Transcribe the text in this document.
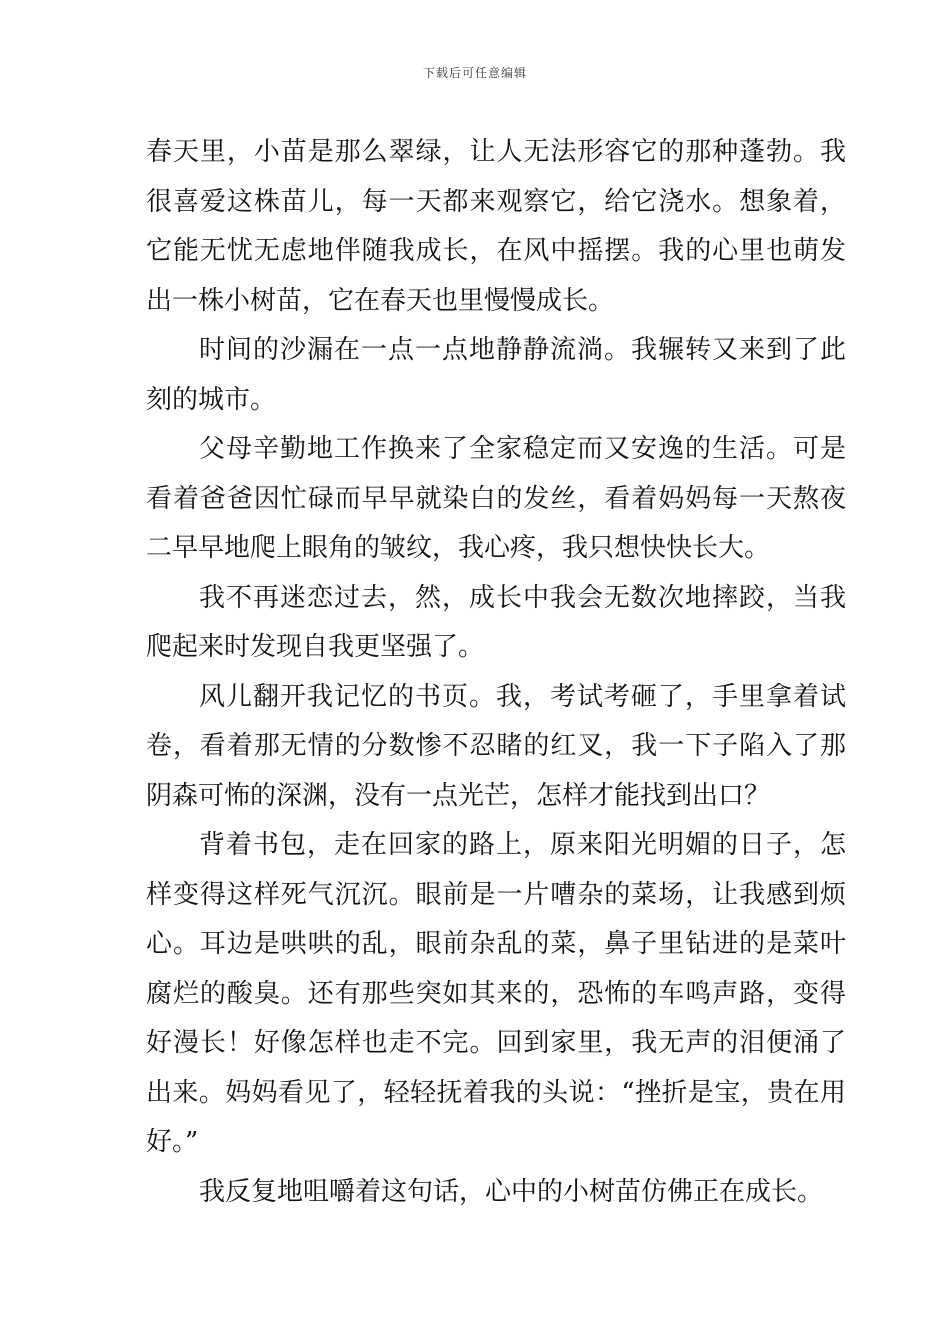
下载后可任意编辑

春天里，小苗是那么翠绿，让人无法形容它的那种蓬勃。我很喜爱这株苗儿，每一天都来观察它，给它浇水。想象着，它能无忧无虑地伴随我成长，在风中摇摆。我的心里也萌发出一株小树苗，它在春天也里慢慢成长。

时间的沙漏在一点一点地静静流淌。我辗转又来到了此刻的城市。

父母辛勤地工作换来了全家稳定而又安逸的生活。可是看着爸爸因忙碌而早早就染白的发丝，看着妈妈每一天熬夜二早早地爬上眼角的皱纹，我心疼，我只想快快长大。

我不再迷恋过去，然，成长中我会无数次地摔跤，当我爬起来时发现自我更坚强了。

风儿翻开我记忆的书页。我，考试考砸了，手里拿着试卷，看着那无情的分数惨不忍睹的红叉，我一下子陷入了那阴森可怖的深渊，没有一点光芒，怎样才能找到出口？

背着书包，走在回家的路上，原来阳光明媚的日子，怎样变得这样死气沉沉。眼前是一片嘈杂的菜场，让我感到烦心。耳边是哄哄的乱，眼前杂乱的菜，鼻子里钻进的是菜叶腐烂的酸臭。还有那些突如其来的，恐怖的车鸣声路，变得好漫长！好像怎样也走不完。回到家里，我无声的泪便涌了出来。妈妈看见了，轻轻抚着我的头说：“挫折是宝，贵在用好。”

我反复地咀嚼着这句话，心中的小树苗仿佛正在成长。
